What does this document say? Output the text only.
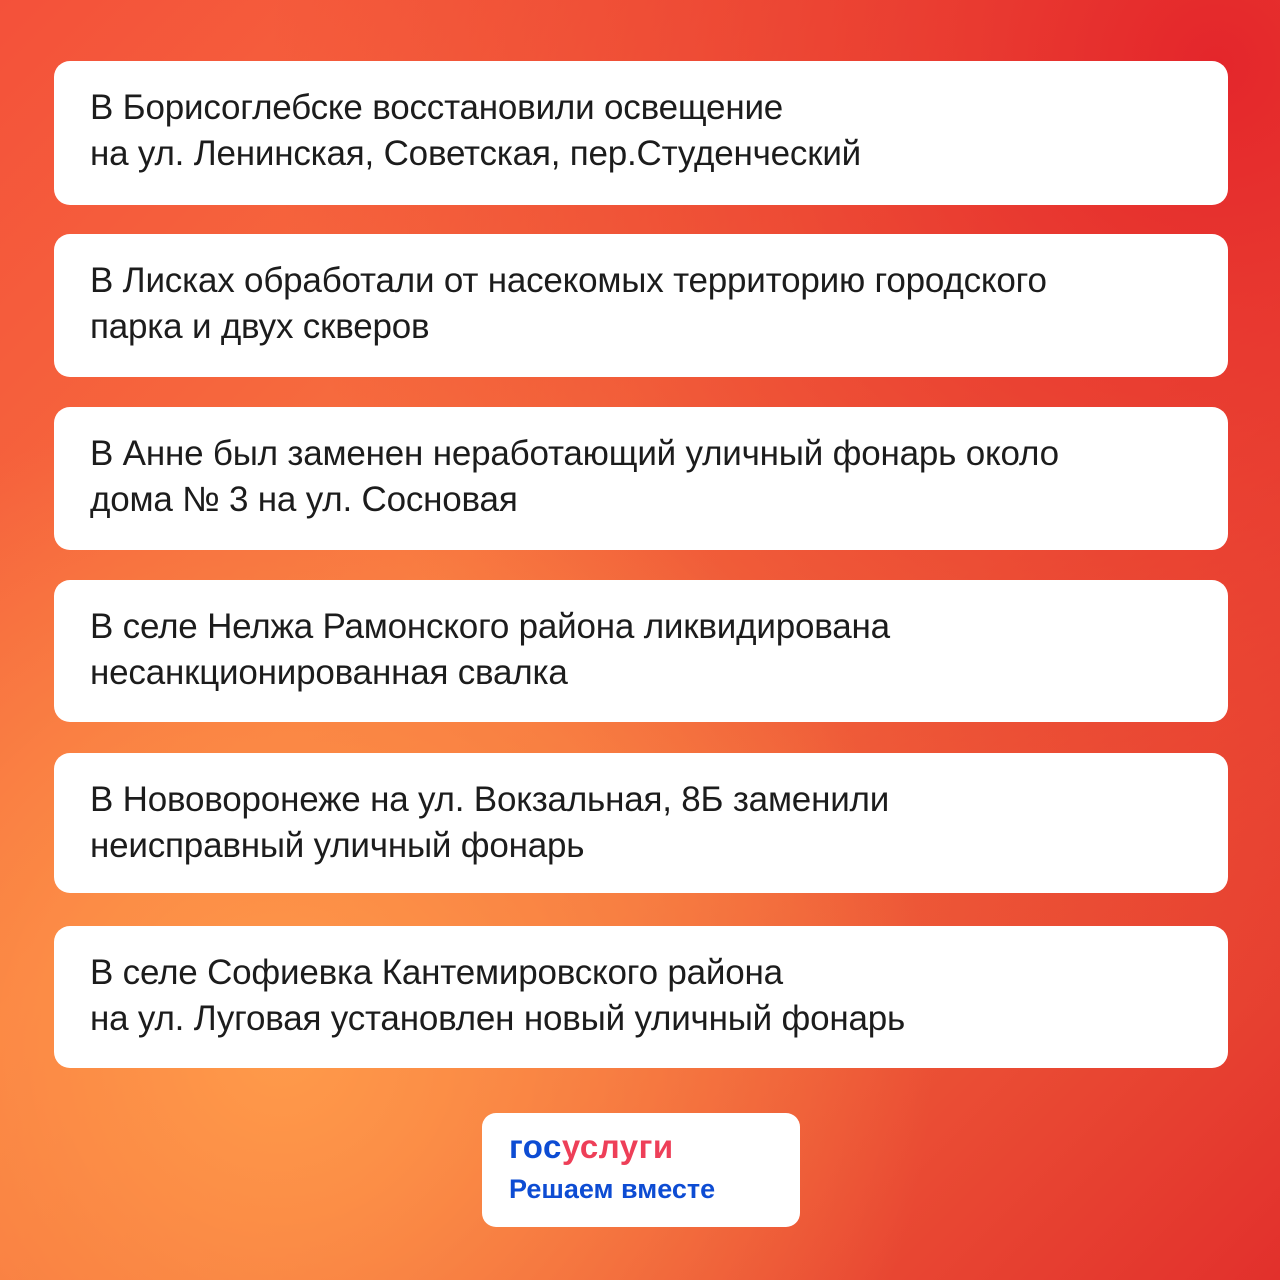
В Борисоглебске восстановили освещение
на ул. Ленинская, Советская, пер.Студенческий

В Лисках обработали от насекомых территорию городского
парка и двух скверов

В Анне был заменен неработающий уличный фонарь около
дома № 3 на ул. Сосновая

В селе Нелжа Рамонского района ликвидирована
несанкционированная свалка

В Нововоронеже на ул. Вокзальная, 8Б заменили
неисправный уличный фонарь

В селе Софиевка Кантемировского района
на ул. Луговая установлен новый уличный фонарь

госуслуги
Решаем вместе
